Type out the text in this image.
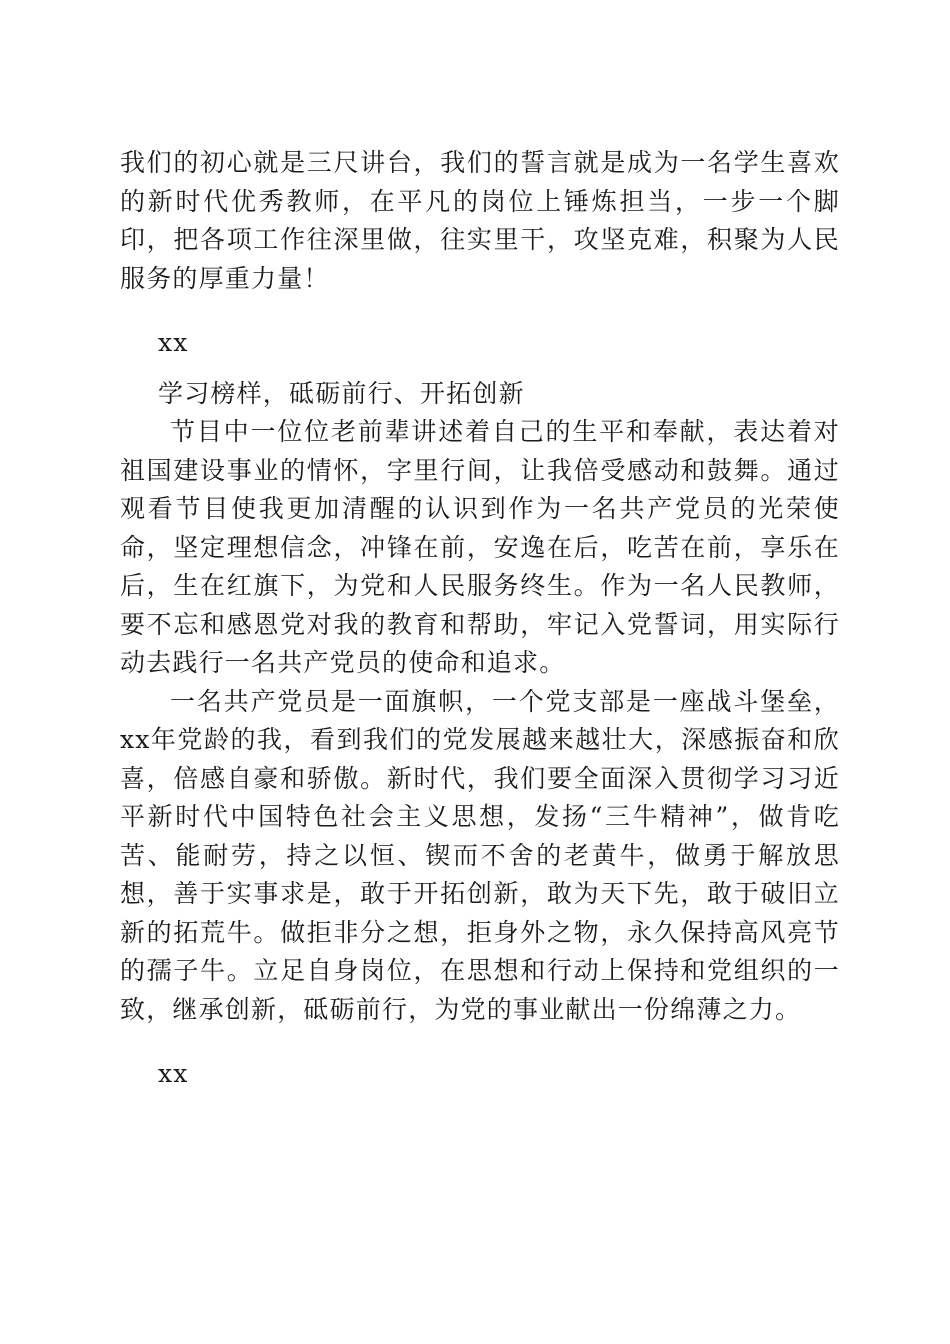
我们的初心就是三尺讲台，我们的誓言就是成为一名学生喜欢的新时代优秀教师，在平凡的岗位上锤炼担当，一步一个脚印，把各项工作往深里做，往实里干，攻坚克难，积聚为人民服务的厚重力量！

xx

学习榜样，砥砺前行、开拓创新

节目中一位位老前辈讲述着自己的生平和奉献，表达着对祖国建设事业的情怀，字里行间，让我倍受感动和鼓舞。通过观看节目使我更加清醒的认识到作为一名共产党员的光荣使命，坚定理想信念，冲锋在前，安逸在后，吃苦在前，享乐在后，生在红旗下，为党和人民服务终生。作为一名人民教师，要不忘和感恩党对我的教育和帮助，牢记入党誓词，用实际行动去践行一名共产党员的使命和追求。

一名共产党员是一面旗帜，一个党支部是一座战斗堡垒，xx年党龄的我，看到我们的党发展越来越壮大，深感振奋和欣喜，倍感自豪和骄傲。新时代，我们要全面深入贯彻学习习近平新时代中国特色社会主义思想，发扬“三牛精神”，做肯吃苦、能耐劳，持之以恒、锲而不舍的老黄牛，做勇于解放思想，善于实事求是，敢于开拓创新，敢为天下先，敢于破旧立新的拓荒牛。做拒非分之想，拒身外之物，永久保持高风亮节的孺子牛。立足自身岗位，在思想和行动上保持和党组织的一致，继承创新，砥砺前行，为党的事业献出一份绵薄之力。

xx
